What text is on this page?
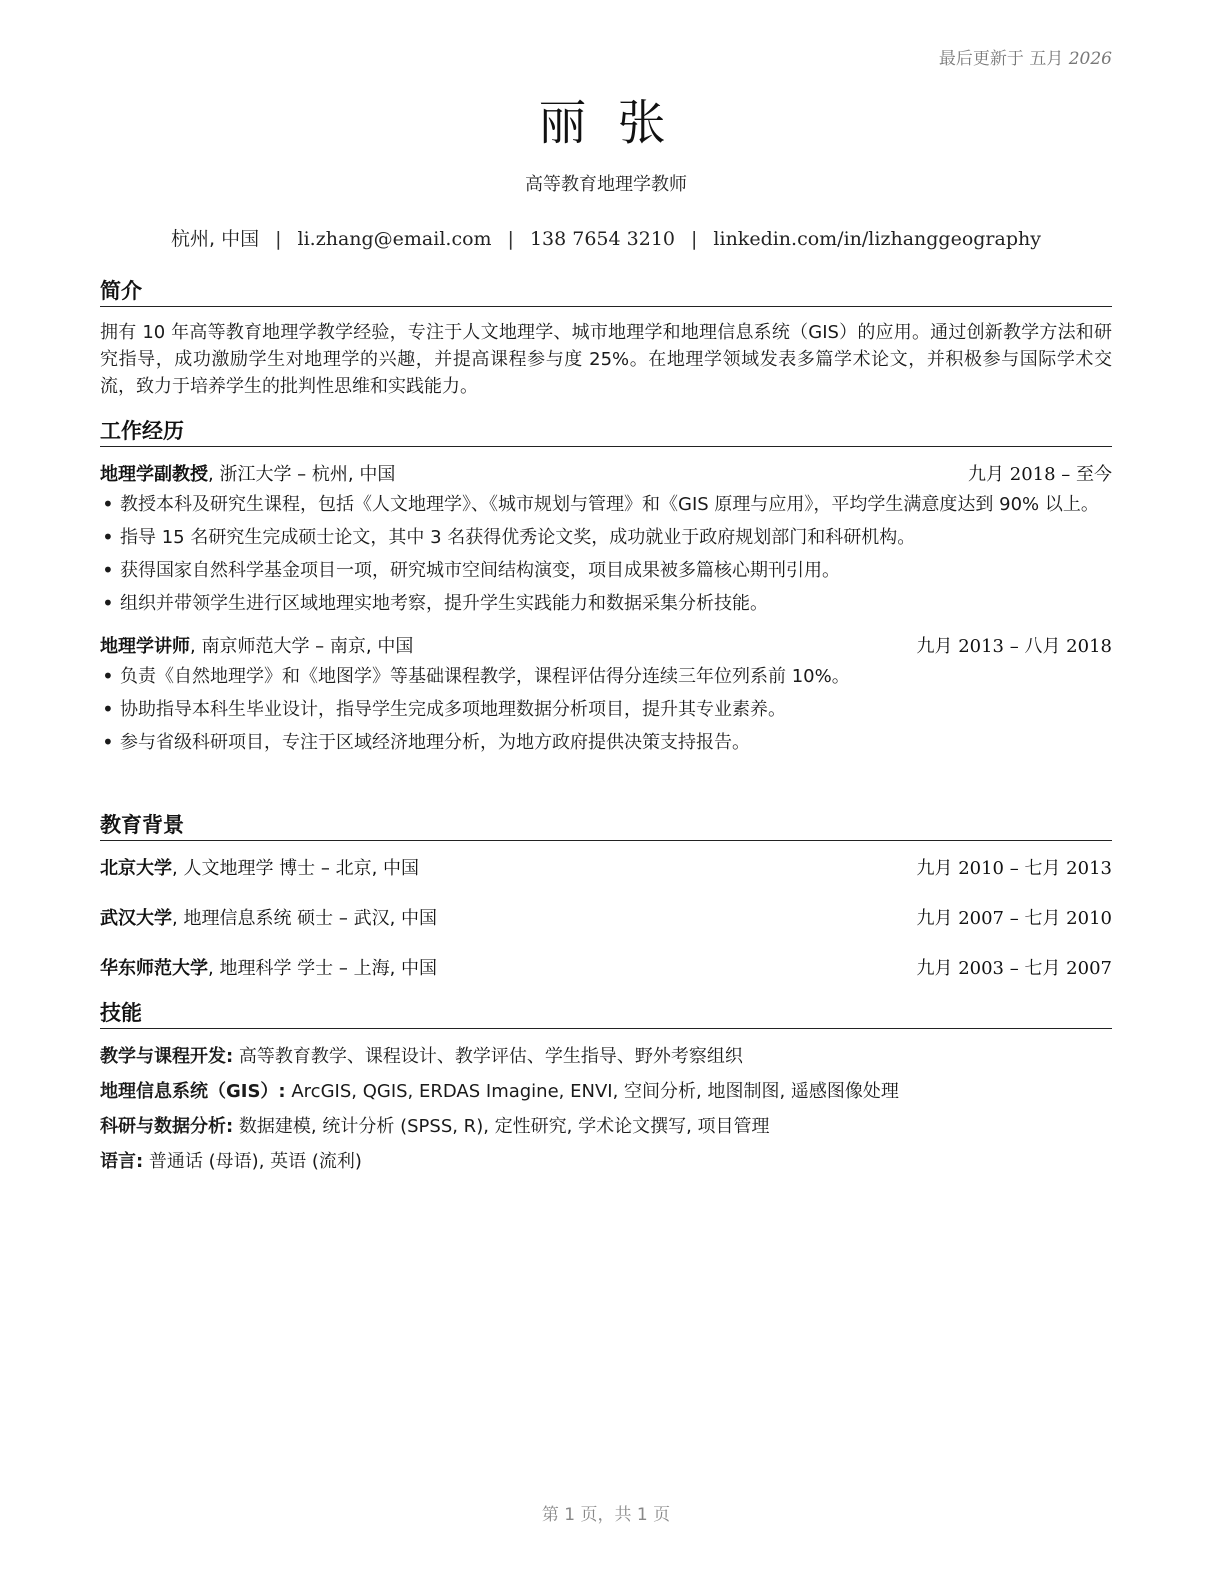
最后更新于 五月 2026
丽 张
高等教育地理学教师
杭州, 中国 | li.zhang@email.com | 138 7654 3210 | linkedin.com/in/lizhanggeography
简介
拥有 10 年高等教育地理学教学经验，专注于人文地理学、城市地理学和地理信息系统（GIS）的应用。通过创新教学方法和研究指导，成功激励学生对地理学的兴趣，并提高课程参与度 25%。在地理学领域发表多篇学术论文，并积极参与国际学术交流，致力于培养学生的批判性思维和实践能力。
工作经历
地理学副教授, 浙江大学 – 杭州, 中国	九月 2018 – 至今
• 教授本科及研究生课程，包括《人文地理学》、《城市规划与管理》和《GIS 原理与应用》，平均学生满意度达到 90% 以上。
• 指导 15 名研究生完成硕士论文，其中 3 名获得优秀论文奖，成功就业于政府规划部门和科研机构。
• 获得国家自然科学基金项目一项，研究城市空间结构演变，项目成果被多篇核心期刊引用。
• 组织并带领学生进行区域地理实地考察，提升学生实践能力和数据采集分析技能。
地理学讲师, 南京师范大学 – 南京, 中国	九月 2013 – 八月 2018
• 负责《自然地理学》和《地图学》等基础课程教学，课程评估得分连续三年位列系前 10%。
• 协助指导本科生毕业设计，指导学生完成多项地理数据分析项目，提升其专业素养。
• 参与省级科研项目，专注于区域经济地理分析，为地方政府提供决策支持报告。
教育背景
北京大学, 人文地理学 博士 – 北京, 中国	九月 2010 – 七月 2013
武汉大学, 地理信息系统 硕士 – 武汉, 中国	九月 2007 – 七月 2010
华东师范大学, 地理科学 学士 – 上海, 中国	九月 2003 – 七月 2007
技能
教学与课程开发: 高等教育教学、课程设计、教学评估、学生指导、野外考察组织
地理信息系统（GIS）: ArcGIS, QGIS, ERDAS Imagine, ENVI, 空间分析, 地图制图, 遥感图像处理
科研与数据分析: 数据建模, 统计分析 (SPSS, R), 定性研究, 学术论文撰写, 项目管理
语言: 普通话 (母语), 英语 (流利)
第 1 页，共 1 页
